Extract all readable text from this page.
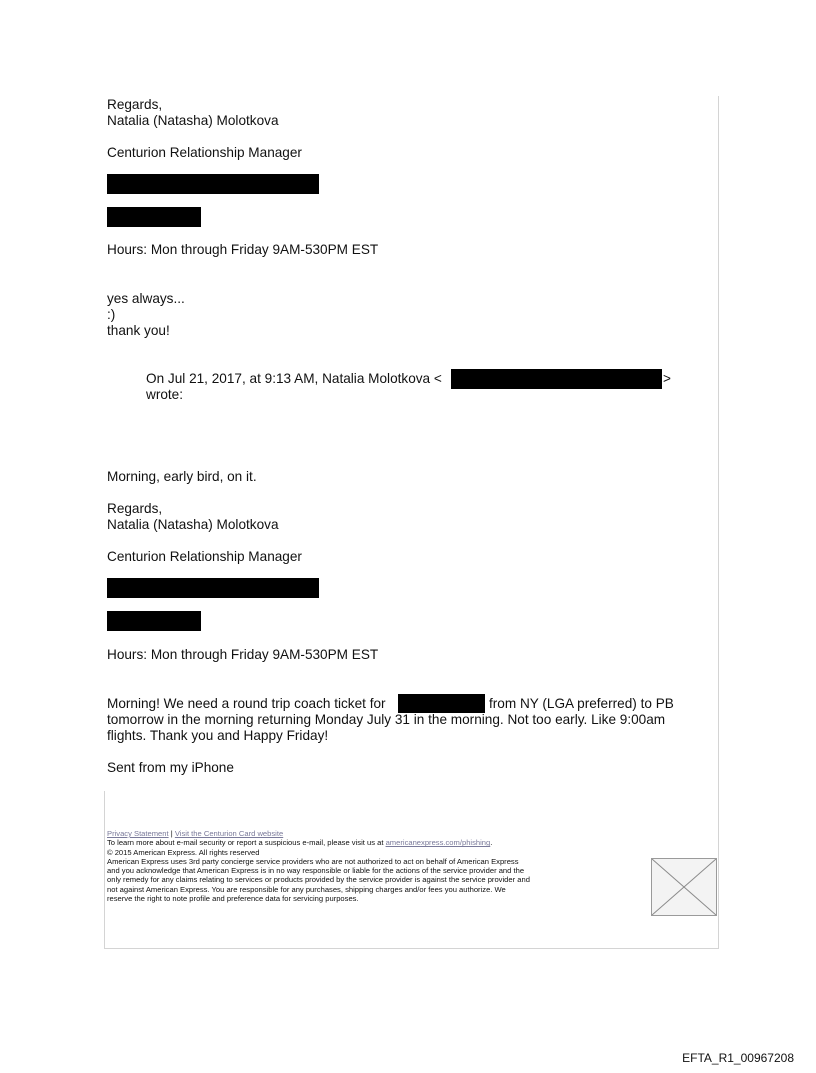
Regards,
Natalia (Natasha) Molotkova
Centurion Relationship Manager
Hours: Mon through Friday 9AM-530PM EST
yes always...
:)
thank you!
On Jul 21, 2017, at 9:13 AM, Natalia Molotkova <	>
wrote:
Morning, early bird, on it.
Regards,
Natalia (Natasha) Molotkova
Centurion Relationship Manager
Hours: Mon through Friday 9AM-530PM EST
Morning! We need a round trip coach ticket for	from NY (LGA preferred) to PB
tomorrow in the morning returning Monday July 31 in the morning. Not too early. Like 9:00am
flights. Thank you and Happy Friday!
Sent from my iPhone

Privacy Statement | Visit the Centurion Card website

To learn more about e-mail security or report a suspicious e-mail, please visit us at americanexpress.com/phishing.

© 2015 American Express. All rights reserved

American Express uses 3rd party concierge service providers who are not authorized to act on behalf of American Express

and you acknowledge that American Express is in no way responsible or liable for the actions of the service provider and the

only remedy for any claims relating to services or products provided by the service provider is against the service provider and

not against American Express. You are responsible for any purchases, shipping charges and/or fees you authorize. We

reserve the right to note profile and preference data for servicing purposes.

EFTA_R1_00967208
